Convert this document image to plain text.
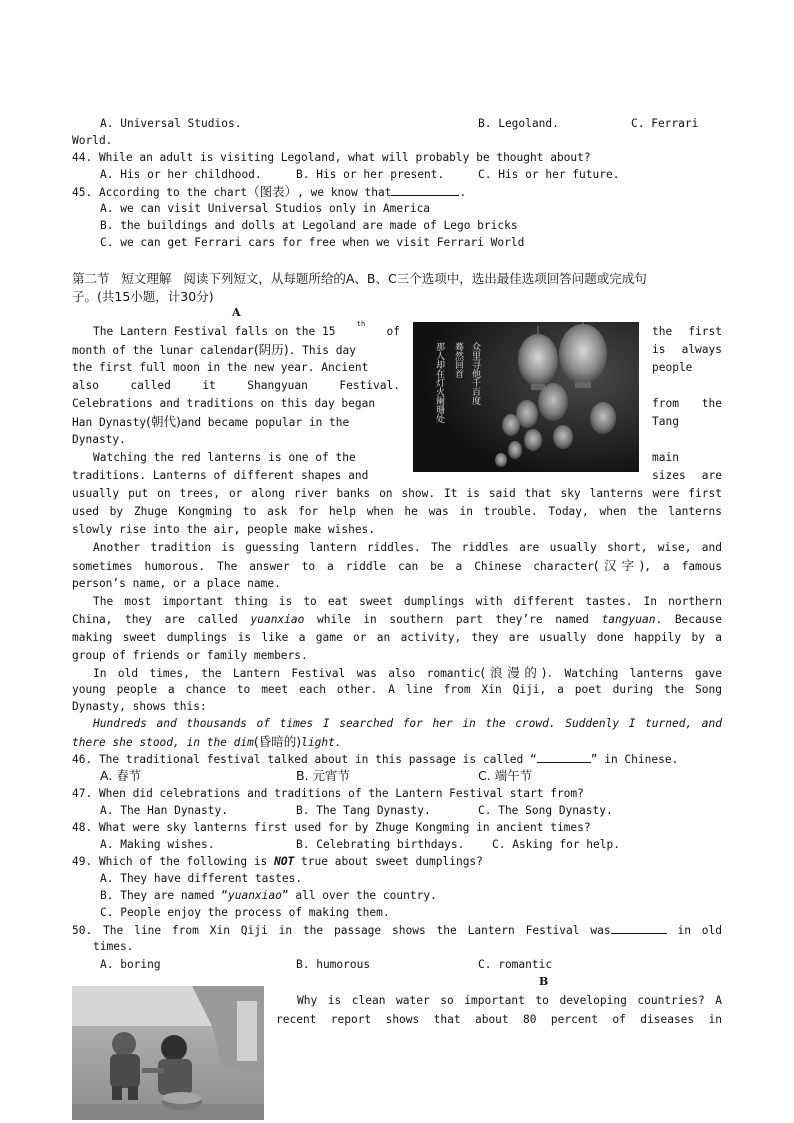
A. Universal Studios.	B. Legoland.	C. Ferrari
World.
44. While an adult is visiting Legoland, what will probably be thought about?
A. His or her childhood.	B. His or her present.	C. His or her future.
45. According to the chart（图表）, we know that	.
A. we can visit Universal Studios only in America
B. the buildings and dolls at Legoland are made of Lego bricks
C. we can get Ferrari cars for free when we visit Ferrari World
第二节   短文理解   阅读下列短文，从每题所给的A、B、C三个选项中，选出最佳选项回答问题或完成句
子。(共15小题，计30分)
A
众里寻他千百度
蓦然回首
那人却在灯火阑珊处
The Lantern Festival falls on the 15
th
of	the first
month of the lunar calendar(阴历). This day	is always
the first full moon in the new year. Ancient	people
also called it Shangyuan Festival.
Celebrations and traditions on this day began	from the
Han Dynasty(朝代)and became popular in the	Tang
Dynasty.
Watching the red lanterns is one of the	main
traditions. Lanterns of different shapes and	sizes are
usually put on trees, or along river banks on show. It is said that sky lanterns were first
used by Zhuge Kongming to ask for help when he was in trouble. Today, when the lanterns
slowly rise into the air, people make wishes.
Another tradition is guessing lantern riddles. The riddles are usually short, wise, and
sometimes humorous. The answer to a riddle can be a Chinese character(汉字), a famous
person’s name, or a place name.
The most important thing is to eat sweet dumplings with different tastes. In northern
China, they are called yuanxiao while in southern part they’re named tangyuan. Because
making sweet dumplings is like a game or an activity, they are usually done happily by a
group of friends or family members.
In old times, the Lantern Festival was also romantic(浪漫的). Watching lanterns gave
young people a chance to meet each other. A line from Xin Qiji, a poet during the Song
Dynasty, shows this:
Hundreds and thousands of times I searched for her in the crowd. Suddenly I turned, and
there she stood, in the dim(昏暗的)light.
46. The traditional festival talked about in this passage is called “	” in Chinese.
A. 春节	B. 元宵节	C. 端午节
47. When did celebrations and traditions of the Lantern Festival start from?
A. The Han Dynasty.	B. The Tang Dynasty.	C. The Song Dynasty.
48. What were sky lanterns first used for by Zhuge Kongming in ancient times?
A. Making wishes.	B. Celebrating birthdays. C. Asking for help.
49. Which of the following is NOT true about sweet dumplings?
A. They have different tastes.
B. They are named “yuanxiao” all over the country.
C. People enjoy the process of making them.
50. The line from Xin Qiji in the passage shows the Lantern Festival was	in old
times.
A. boring	B. humorous	C. romantic
B
Why is clean water so important to developing countries? A
recent report shows that about 80 percent of diseases in
